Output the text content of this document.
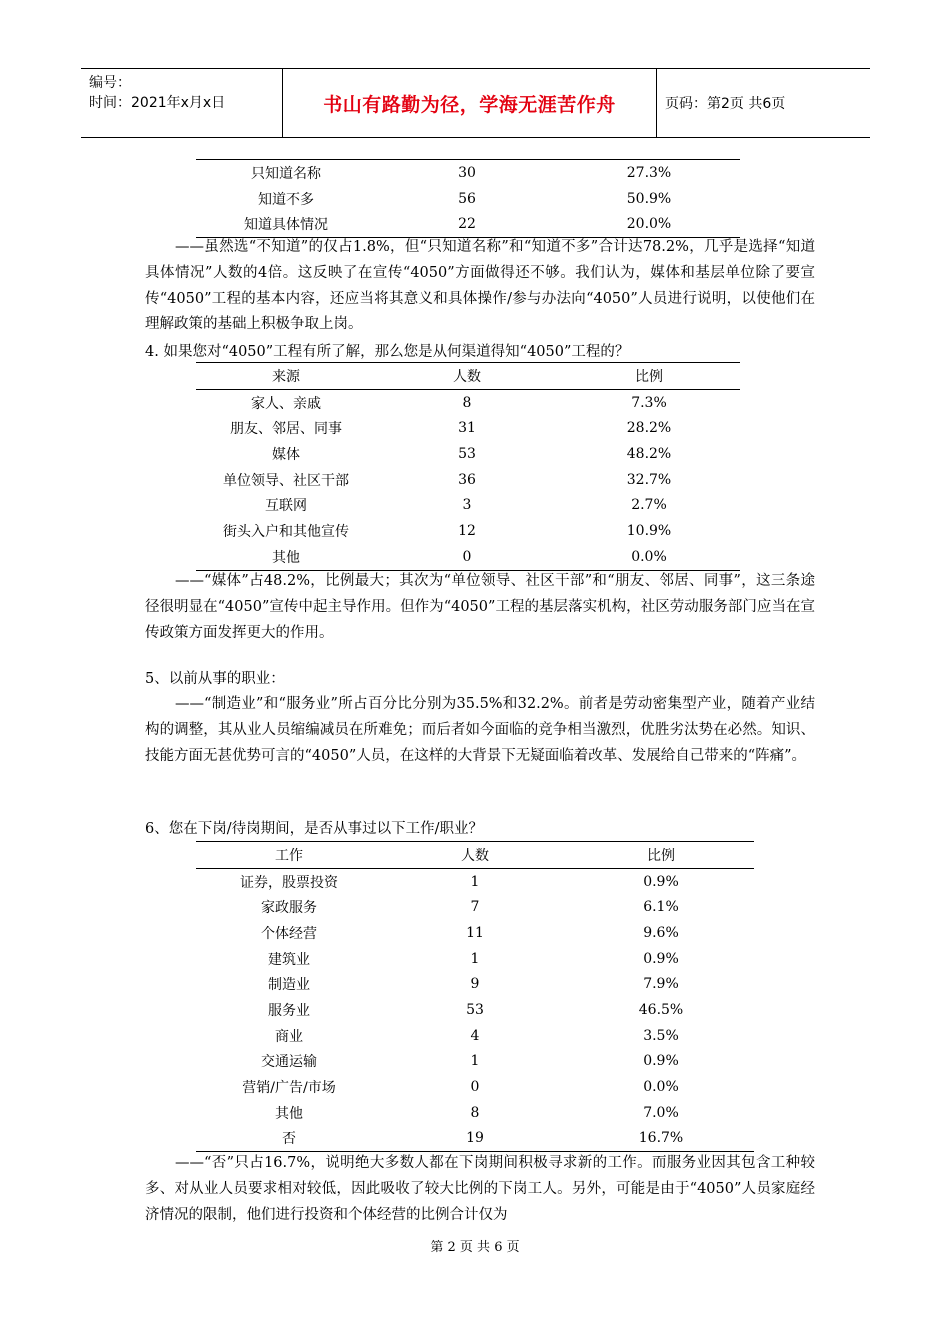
编号：
时间：2021年x月x日	书山有路勤为径，学海无涯苦作舟	页码：第2页 共6页
只知道名称	30	27.3%
知道不多	56	50.9%
知道具体情况	22	20.0%

——虽然选“不知道”的仅占1.8%，但“只知道名称”和“知道不多”合计达78.2%，几乎是选择“知道具体情况”人数的4倍。这反映了在宣传“4050”方面做得还不够。我们认为，媒体和基层单位除了要宣传“4050”工程的基本内容，还应当将其意义和具体操作/参与办法向“4050”人员进行说明，以使他们在理解政策的基础上积极争取上岗。

4. 如果您对“4050”工程有所了解，那么您是从何渠道得知“4050”工程的？

来源	人数	比例
家人、亲戚	8	7.3%
朋友、邻居、同事	31	28.2%
媒体	53	48.2%
单位领导、社区干部	36	32.7%
互联网	3	2.7%
街头入户和其他宣传	12	10.9%
其他	0	0.0%

——“媒体”占48.2%，比例最大；其次为“单位领导、社区干部”和“朋友、邻居、同事”，这三条途径很明显在“4050”宣传中起主导作用。但作为“4050”工程的基层落实机构，社区劳动服务部门应当在宣传政策方面发挥更大的作用。

5、以前从事的职业：

——“制造业”和“服务业”所占百分比分别为35.5%和32.2%。前者是劳动密集型产业，随着产业结构的调整，其从业人员缩编减员在所难免；而后者如今面临的竞争相当激烈，优胜劣汰势在必然。知识、技能方面无甚优势可言的“4050”人员，在这样的大背景下无疑面临着改革、发展给自己带来的“阵痛”。

6、您在下岗/待岗期间，是否从事过以下工作/职业？

工作	人数	比例
证券，股票投资	1	0.9%
家政服务	7	6.1%
个体经营	11	9.6%
建筑业	1	0.9%
制造业	9	7.9%
服务业	53	46.5%
商业	4	3.5%
交通运输	1	0.9%
营销/广告/市场	0	0.0%
其他	8	7.0%
否	19	16.7%

——“否”只占16.7%，说明绝大多数人都在下岗期间积极寻求新的工作。而服务业因其包含工种较多、对从业人员要求相对较低，因此吸收了较大比例的下岗工人。另外，可能是由于“4050”人员家庭经济情况的限制，他们进行投资和个体经营的比例合计仅为

第 2 页 共 6 页
